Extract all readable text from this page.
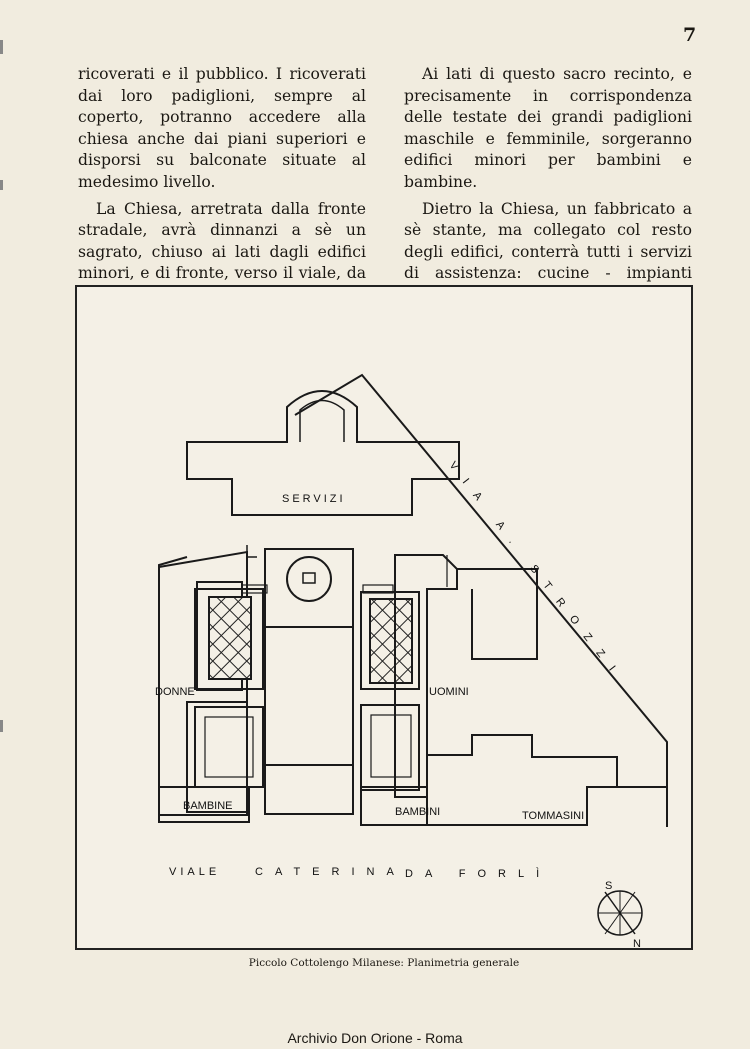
7

ricoverati e il pubblico. I ricoverati dai loro padiglioni, sempre al coperto, potranno accedere alla chiesa anche dai piani superiori e disporsi su balconate situate al medesimo livello.

La Chiesa, arretrata dalla fronte stradale, avrà dinnanzi a sè un sagrato, chiuso ai lati dagli edifici minori, e di fronte, verso il viale, da

Ai lati di questo sacro recinto, e precisamente in corrispondenza delle testate dei grandi padiglioni maschile e femminile, sorgeranno edifici minori per bambini e bambine.

Dietro la Chiesa, un fabbricato a sè stante, ma collegato col resto degli edifici, conterrà tutti i servizi di assistenza: cucine - impianti

S
N
SERVIZI
DONNE	UOMINI
BAMBINE	BAMBINI	TOMMASINI
VIA A. STROZZI
VIALE	CATERINA DA FORLÌ
Piccolo Cottolengo Milanese: Planimetria generale
Archivio Don Orione - Roma
